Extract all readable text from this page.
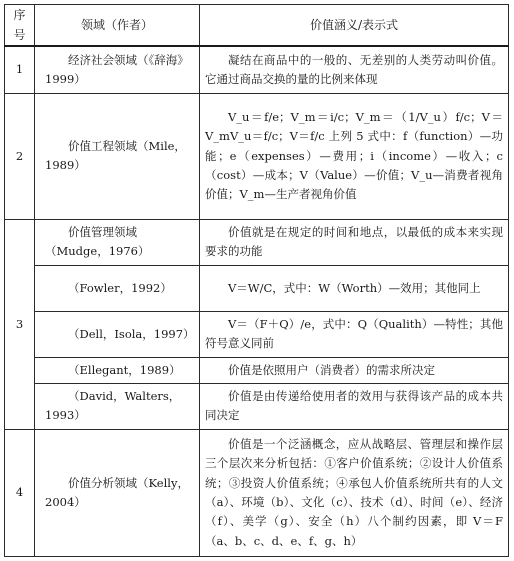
序号	领域（作者）	价值涵义/表示式
1	经济社会领域（《辞海》1999）	凝结在商品中的一般的、无差别的人类劳动叫价值。它通过商品交换的量的比例来体现
2	价值工程领域（Mile，1989）	V_u＝f/e；V_m＝i/c；V_m＝（1/V_u）f/c；V＝V_mV_u＝f/c；V＝f/c 上列 5 式中：f（function）—功能；e（expenses）—费用；i（income）—收入；c（cost）—成本；V（Value）—价值；V_u—消费者视角价值；V_m—生产者视角价值
3	价值管理领域（Mudge，1976）	价值就是在规定的时间和地点，以最低的成本来实现要求的功能
	（Fowler，1992）	V＝W/C，式中：W（Worth）—效用；其他同上
	（Dell，Isola，1997）	V＝（F＋Q）/e，式中：Q（Qualith）—特性；其他符号意义同前
	（Ellegant，1989）	价值是依照用户（消费者）的需求所决定
	（David，Walters，1993）	价值是由传递给使用者的效用与获得该产品的成本共同决定
4	价值分析领域（Kelly，2004）	价值是一个泛涵概念，应从战略层、管理层和操作层三个层次来分析包括：①客户价值系统；②设计人价值系统；③投资人价值系统；④承包人价值系统所共有的人文（a）、环境（b）、文化（c）、技术（d）、时间（e）、经济（f）、美学（g）、安全（h）八个制约因素，即 V＝F（a、b、c、d、e、f、g、h）
